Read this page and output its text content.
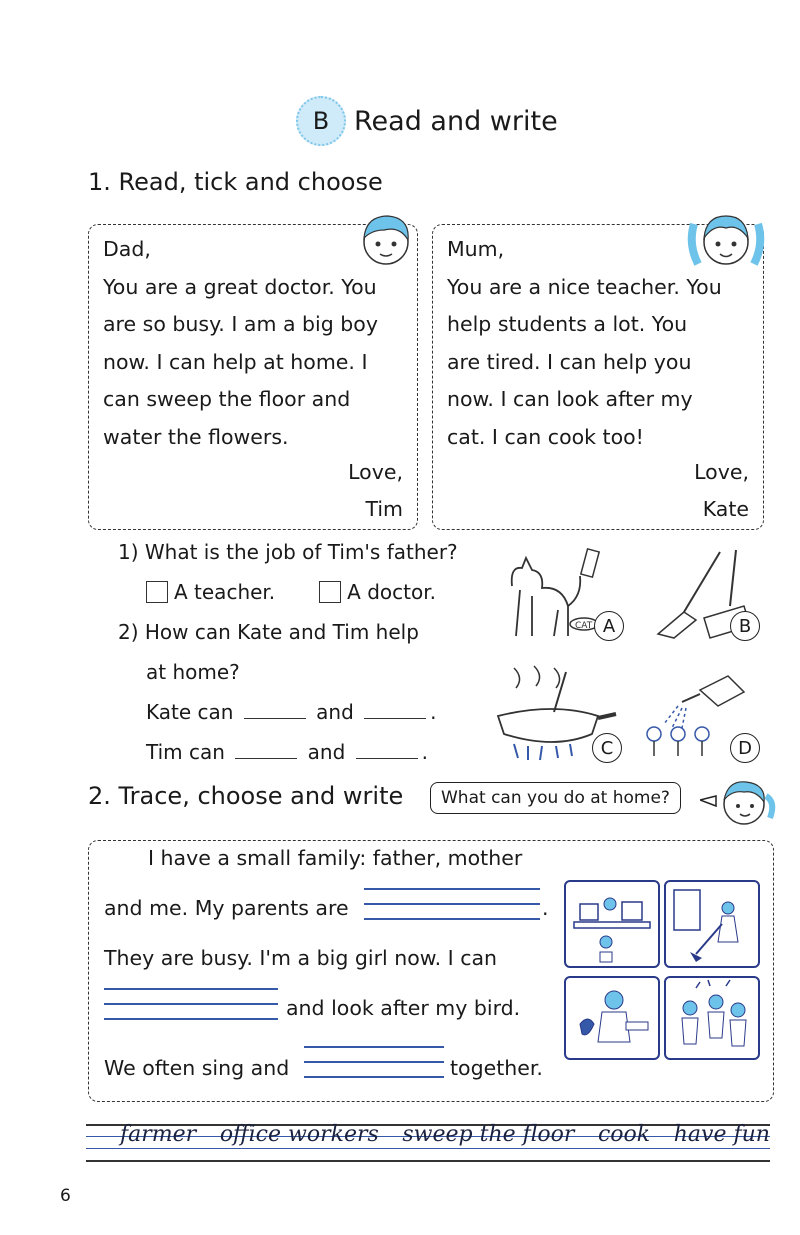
B Read and write
1. Read, tick and choose
Dad,
You are a great doctor. You
are so busy. I am a big boy
now. I can help at home. I
can sweep the floor and
water the flowers.
Love,
Tim
Mum,
You are a nice teacher. You
help students a lot. You
are tired. I can help you
now. I can look after my
cat. I can cook too!
Love,
Kate
1) What is the job of Tim's father?
A teacher.	A doctor.
2) How can Kate and Tim help
at home?
Kate can	and	.
Tim can	and	.
CAT A	B
C	D
2. Trace, choose and write	What can you do at home?
I have a small family: father, mother
and me. My parents are	.
They are busy. I'm a big girl now. I can
and look after my bird.
We often sing and	together.
farmer office workers sweep the floor cook have fun
6
